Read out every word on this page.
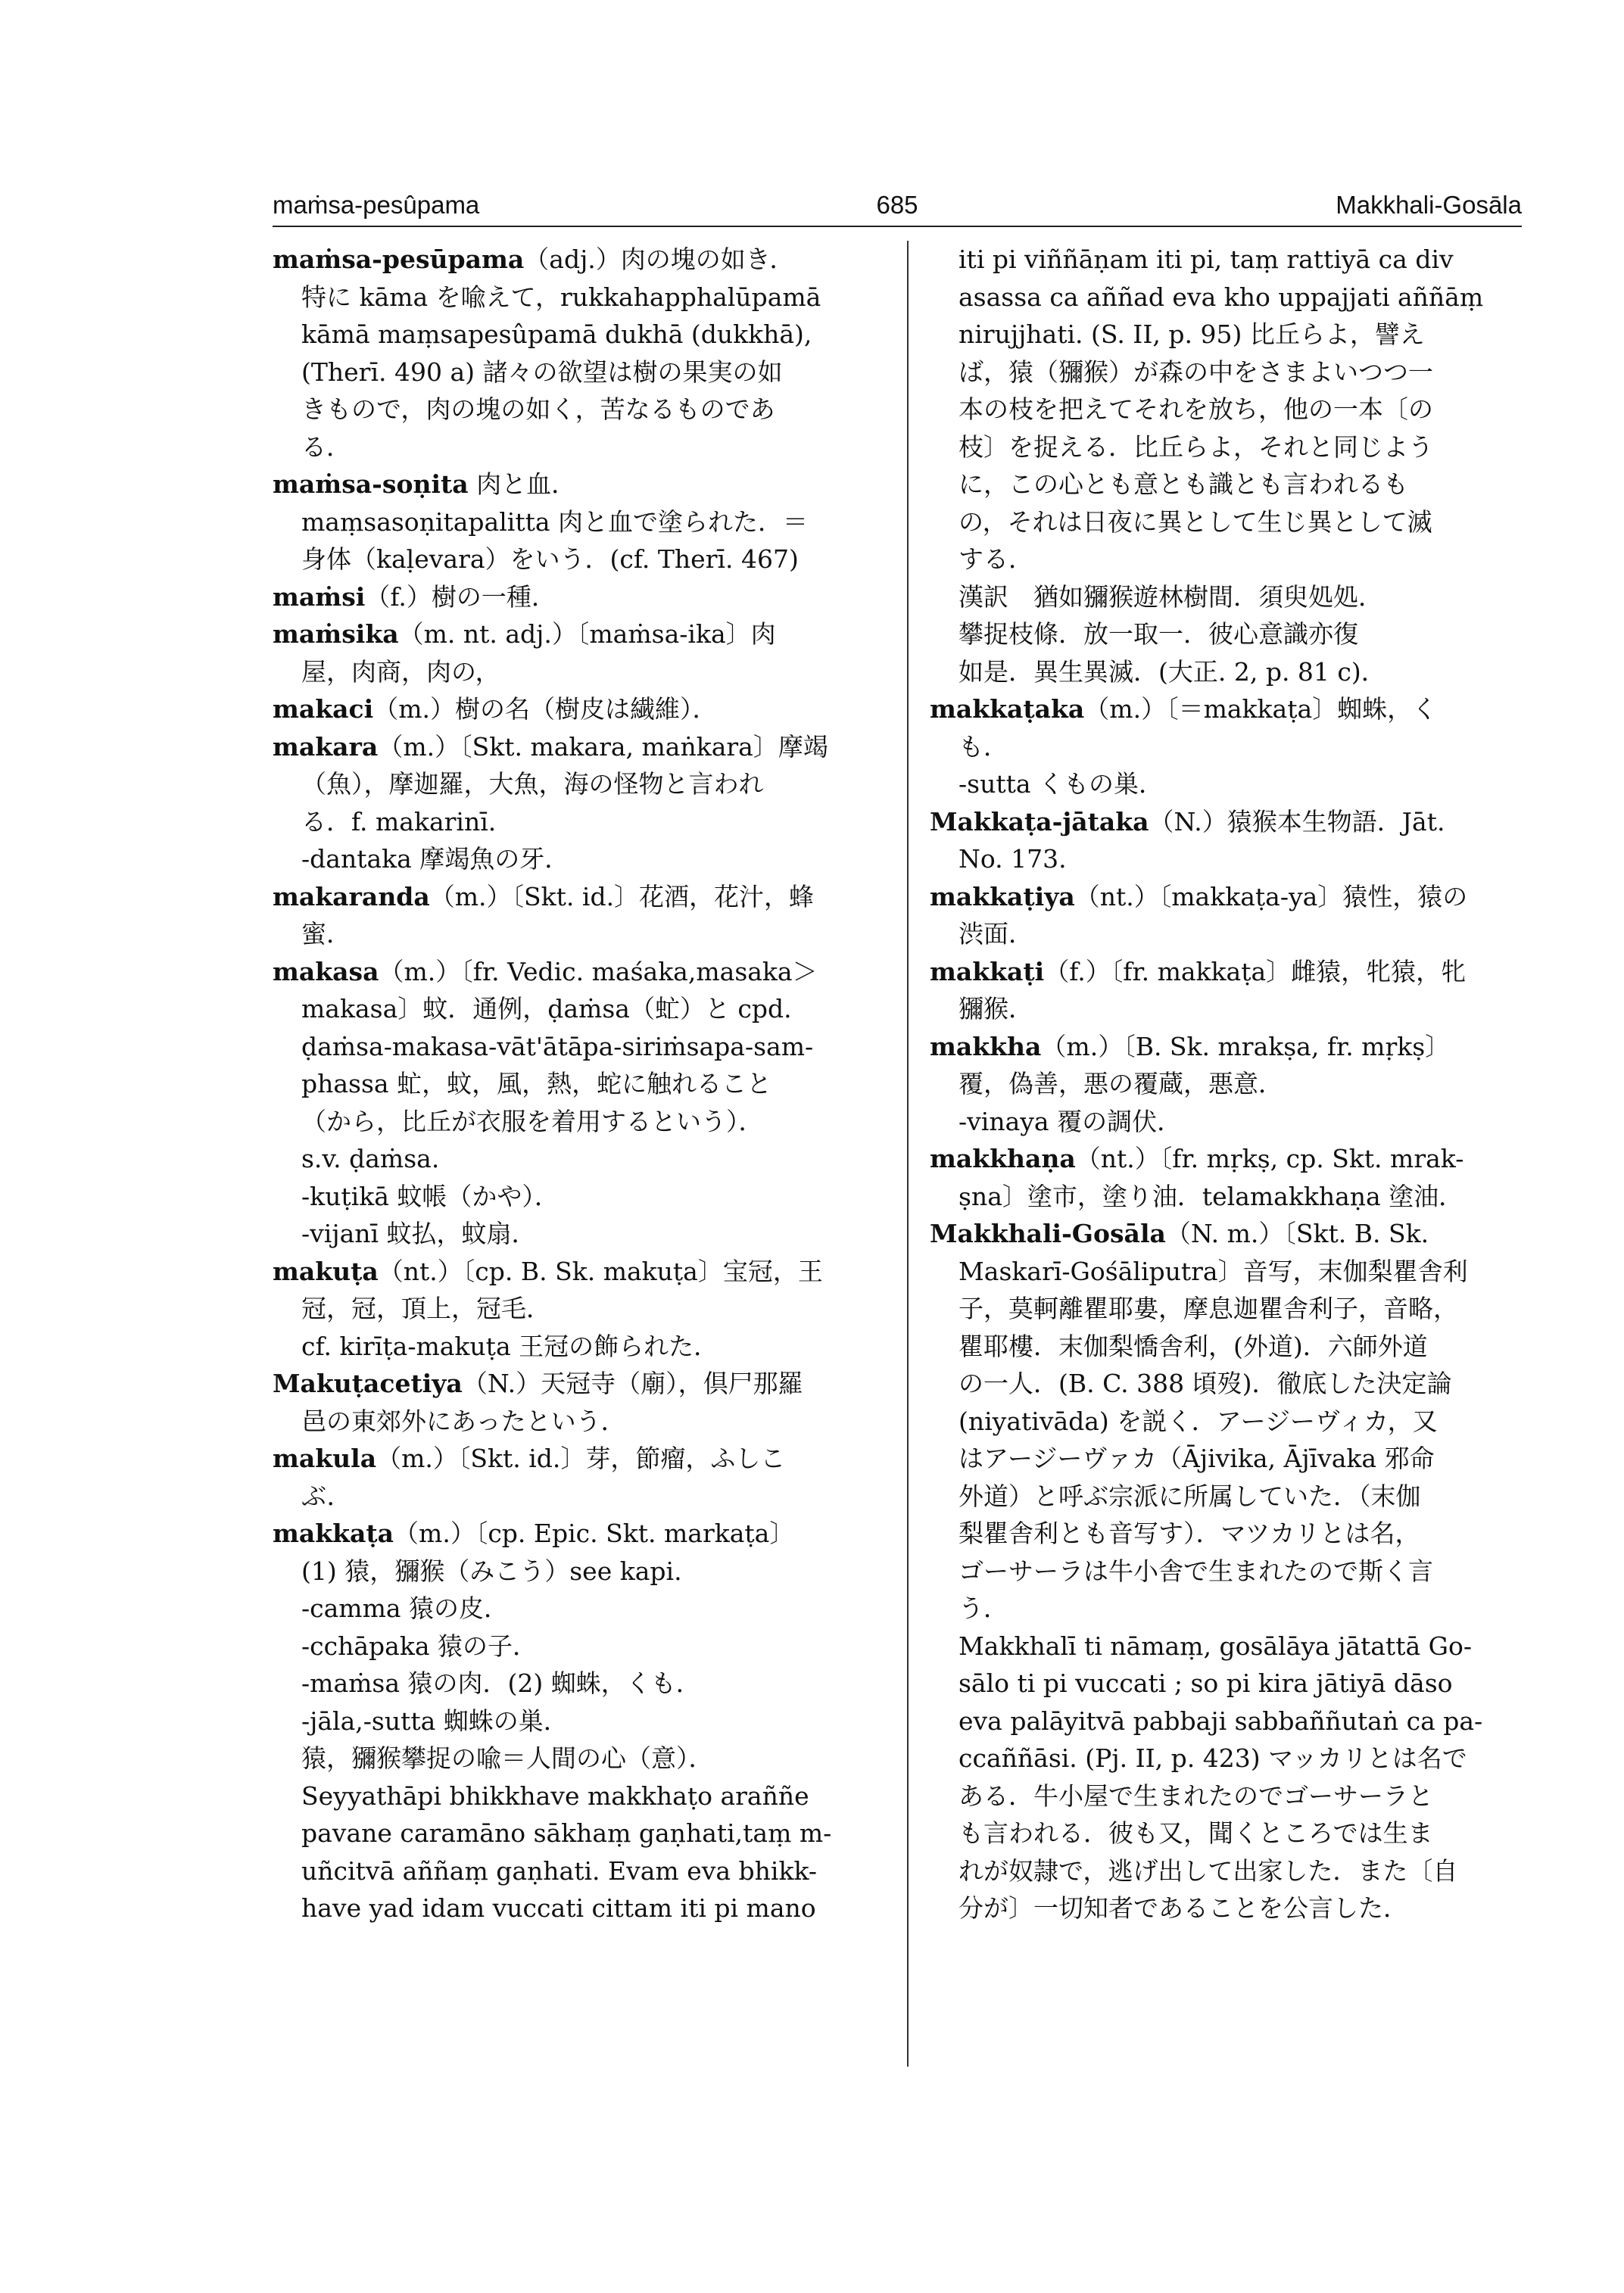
maṁsa-pesûpama	685	Makkhali-Gosāla
maṁsa-pesūpama（adj.）肉の塊の如き．
特に kāma を喩えて，rukkahapphalūpamā
kāmā maṃsapesûpamā dukhā (dukkhā),
(Therī. 490 a) 諸々の欲望は樹の果実の如
きもので，肉の塊の如く，苦なるものであ
る．
maṁsa-soṇita 肉と血．
maṃsasoṇitapalitta 肉と血で塗られた．＝
身体（kaḷevara）をいう．(cf. Therī. 467)
maṁsi（f.）樹の一種．
maṁsika（m. nt. adj.）〔maṁsa-ika〕肉
屋，肉商，肉の，
makaci（m.）樹の名（樹皮は繊維）．
makara（m.）〔Skt. makara, maṅkara〕摩竭
（魚），摩迦羅，大魚，海の怪物と言われ
る．f. makarinī.
-dantaka 摩竭魚の牙．
makaranda（m.）〔Skt. id.〕花酒，花汁，蜂
蜜．
makasa（m.）〔fr. Vedic. maśaka,masaka＞
makasa〕蚊．通例，ḍaṁsa（虻）と cpd.
ḍaṁsa-makasa-vāt'ātāpa-siriṁsapa-sam-
phassa 虻，蚊，風，熱，蛇に触れること
（から，比丘が衣服を着用するという）．
s.v. ḍaṁsa.
-kuṭikā 蚊帳（かや）．
-vijanī 蚊払，蚊扇．
makuṭa（nt.）〔cp. B. Sk. makuṭa〕宝冠，王
冠，冠，頂上，冠毛．
cf. kirīṭa-makuṭa 王冠の飾られた．
Makuṭacetiya（N.）天冠寺（廟），倶尸那羅
邑の東郊外にあったという．
makula（m.）〔Skt. id.〕芽，節瘤，ふしこ
ぶ．
makkaṭa（m.）〔cp. Epic. Skt. markaṭa〕
(1) 猿，獼猴（みこう）see kapi.
-camma 猿の皮．
-cchāpaka 猿の子．
-maṁsa 猿の肉．(2) 蜘蛛，くも．
-jāla,-sutta 蜘蛛の巣．
猿，獼猴攀捉の喩＝人間の心（意）．
Seyyathāpi bhikkhave makkhaṭo araññe
pavane caramāno sākhaṃ gaṇhati,taṃ m-
uñcitvā aññaṃ gaṇhati. Evam eva bhikk-
have yad idam vuccati cittam iti pi mano
iti pi viññāṇam iti pi, taṃ rattiyā ca div
asassa ca aññad eva kho uppajjati aññāṃ
nirujjhati. (S. II, p. 95) 比丘らよ，譬え
ば，猿（獼猴）が森の中をさまよいつつ一
本の枝を把えてそれを放ち，他の一本〔の
枝〕を捉える．比丘らよ，それと同じよう
に，この心とも意とも識とも言われるも
の，それは日夜に異として生じ異として滅
する．
漢訳　猶如獼猴遊林樹間．須臾処処．
攀捉枝條．放一取一．彼心意識亦復
如是．異生異滅．(大正. 2, p. 81 c)．
makkaṭaka（m.）〔＝makkaṭa〕蜘蛛，く
も．
-sutta くもの巣．
Makkaṭa-jātaka（N.）猿猴本生物語．Jāt.
No. 173.
makkaṭiya（nt.）〔makkaṭa-ya〕猿性，猿の
渋面．
makkaṭi（f.）〔fr. makkaṭa〕雌猿，牝猿，牝
獼猴．
makkha（m.）〔B. Sk. mrakṣa, fr. mṛkṣ〕
覆，偽善，悪の覆蔵，悪意．
-vinaya 覆の調伏．
makkhaṇa（nt.）〔fr. mṛkṣ, cp. Skt. mrak-
ṣna〕塗市，塗り油．telamakkhaṇa 塗油．
Makkhali-Gosāla（N. m.）〔Skt. B. Sk.
Maskarī-Gośāliputra〕音写，末伽梨瞿舎利
子，莫軻離瞿耶婁，摩息迦瞿舎利子，音略，
瞿耶樓．末伽梨憍舎利，(外道)．六師外道
の一人．(B. C. 388 頃歿)．徹底した決定論
(niyativāda) を説く．アージーヴィカ，又
はアージーヴァカ（Ājivika, Ājīvaka 邪命
外道）と呼ぶ宗派に所属していた．（末伽
梨瞿舎利とも音写す）．マツカリとは名，
ゴーサーラは牛小舎で生まれたので斯く言
う．
Makkhalī ti nāmaṃ, gosālāya jātattā Go-
sālo ti pi vuccati ; so pi kira jātiyā dāso
eva palāyitvā pabbaji sabbaññutaṅ ca pa-
ccaññāsi. (Pj. II, p. 423) マッカリとは名で
ある．牛小屋で生まれたのでゴーサーラと
も言われる．彼も又，聞くところでは生ま
れが奴隷で，逃げ出して出家した．また〔自
分が〕一切知者であることを公言した．
